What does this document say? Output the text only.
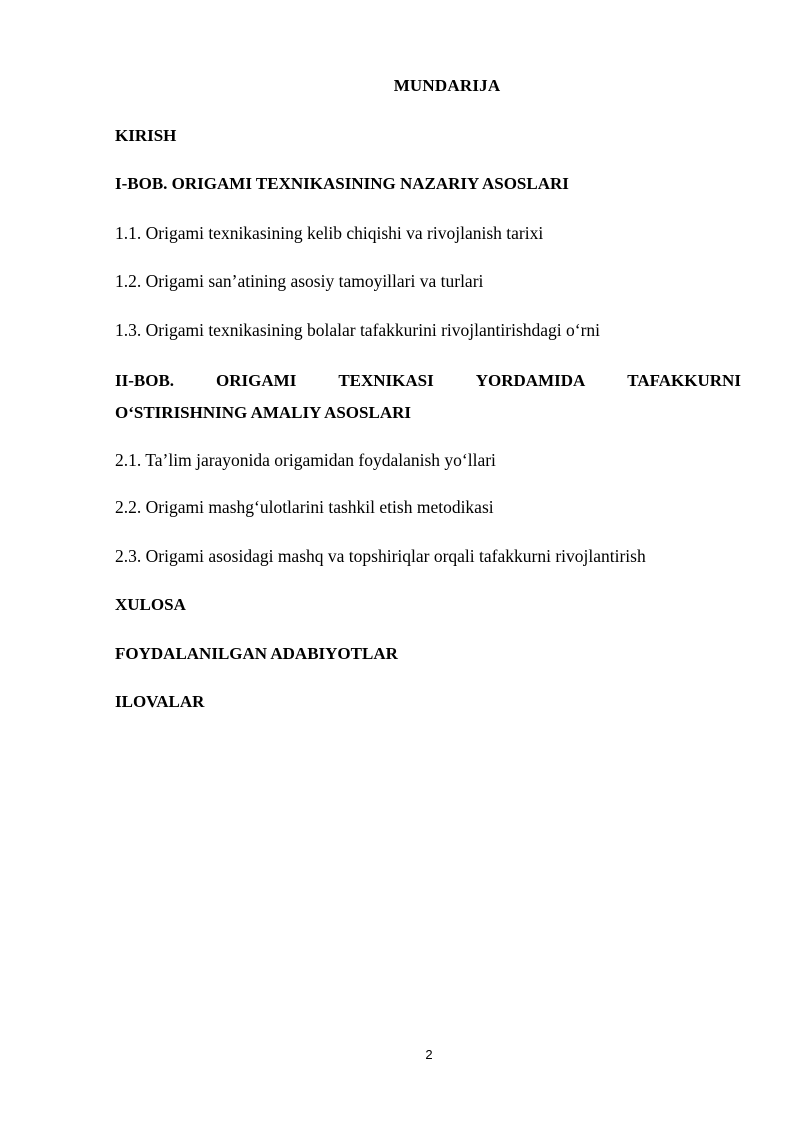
MUNDARIJA
KIRISH
I-BOB. ORIGAMI TEXNIKASINING NAZARIY ASOSLARI
1.1. Origami texnikasining kelib chiqishi va rivojlanish tarixi
1.2. Origami san’atining asosiy tamoyillari va turlari
1.3. Origami texnikasining bolalar tafakkurini rivojlantirishdagi o‘rni
II-BOB. ORIGAMI TEXNIKASI YORDAMIDA TAFAKKURNI
O‘STIRISHNING AMALIY ASOSLARI
2.1. Ta’lim jarayonida origamidan foydalanish yo‘llari
2.2. Origami mashg‘ulotlarini tashkil etish metodikasi
2.3. Origami asosidagi mashq va topshiriqlar orqali tafakkurni rivojlantirish
XULOSA
FOYDALANILGAN ADABIYOTLAR
ILOVALAR
2
